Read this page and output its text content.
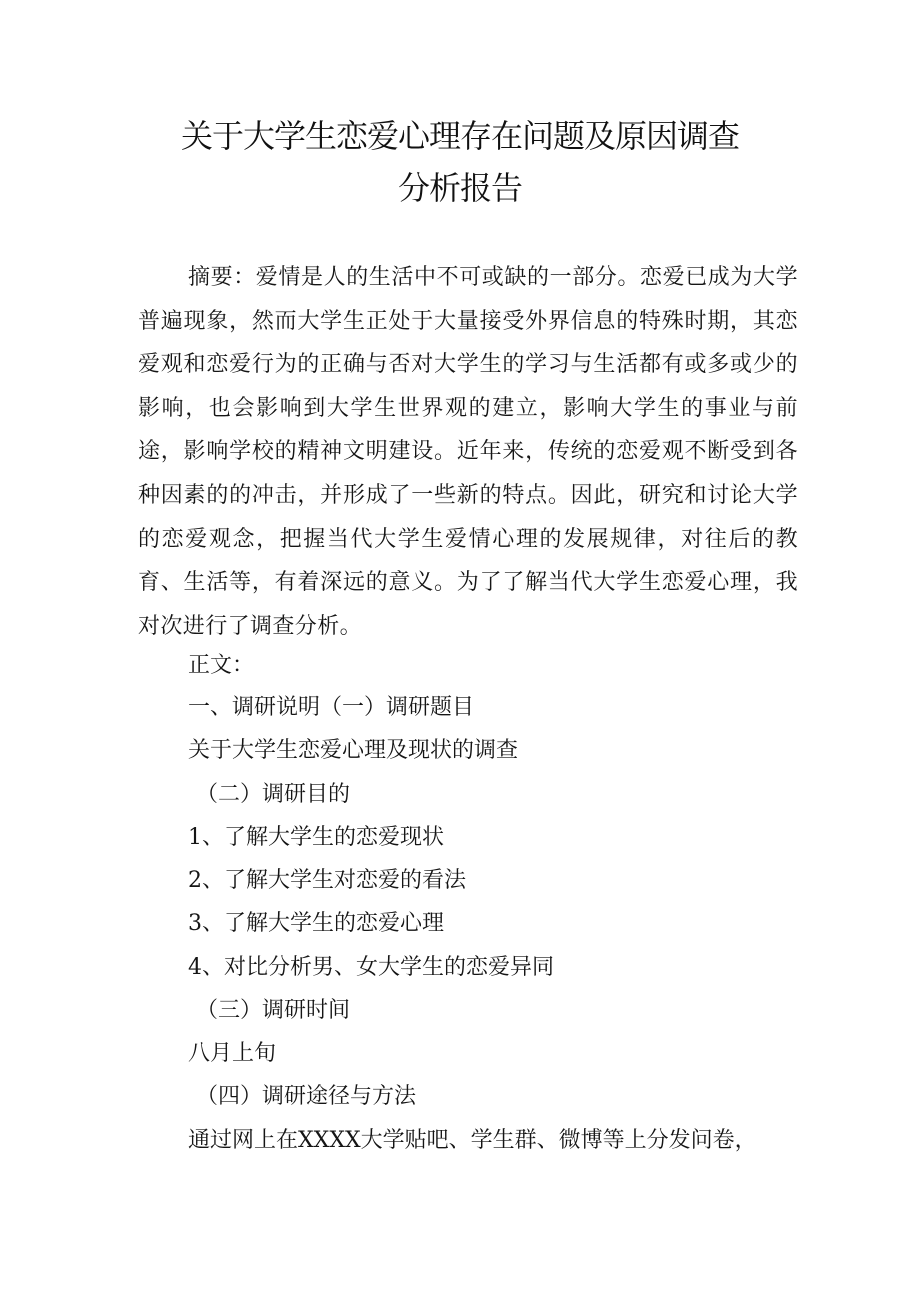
关于大学生恋爱心理存在问题及原因调查
分析报告

摘要：爱情是人的生活中不可或缺的一部分。恋爱已成为大学普遍现象，然而大学生正处于大量接受外界信息的特殊时期，其恋爱观和恋爱行为的正确与否对大学生的学习与生活都有或多或少的影响，也会影响到大学生世界观的建立，影响大学生的事业与前途，影响学校的精神文明建设。近年来，传统的恋爱观不断受到各种因素的的冲击，并形成了一些新的特点。因此，研究和讨论大学的恋爱观念，把握当代大学生爱情心理的发展规律，对往后的教育、生活等，有着深远的意义。为了了解当代大学生恋爱心理，我对次进行了调查分析。

正文：

一、调研说明（一）调研题目

关于大学生恋爱心理及现状的调查

（二）调研目的

1、了解大学生的恋爱现状

2、了解大学生对恋爱的看法

3、了解大学生的恋爱心理

4、对比分析男、女大学生的恋爱异同

（三）调研时间

八月上旬

（四）调研途径与方法

通过网上在XXXX大学贴吧、学生群、微博等上分发问卷，
